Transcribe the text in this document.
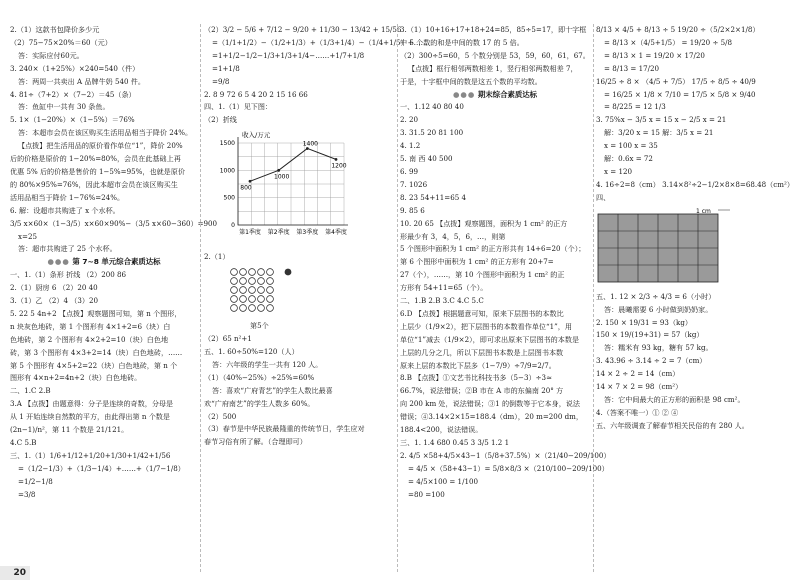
2.（1）这款书包降价多少元
（2）75−75×20%＝60（元）
答：实际应付60元。
3. 240×（1+25%）×240=540（件）
答：两周一共卖出 A 品牌牛奶 540 件。
4. 81÷（7+2）×（7−2）＝45（条）
答：鱼缸中一共有 30 条鱼。
5. 1×（1−20%）×（1−5%）＝76%
答：本超市会员在该区购买生活用品相当于降价 24%。
【点拨】把生活用品的原价看作单位“1”，降价 20%
后的价格是原价的 1−20%=80%，会员在此基础上再
优惠 5% 后的价格是售价的 1−5%=95%，也就是原价
的 80%×95%=76%，因此本超市会员在该区购买生
活用品相当于降价 1−76%=24%。
6. 解：设超市共购进了 x 个水杯。
3/5 x×60×（1−3/5）x×60×90%−（3/5 x×60−360）=900
x=25
答：超市共购进了 25 个水杯。
●●● 第 7~8 单元综合素质达标
一、1.（1）条形 折线 （2）200 86
2.（1）厨房 6 （2）20 40
3.（1）乙 （2）4 （3）20
5. 22 5 4n+2 【点拨】观察题图可知，第 n 个图形，
n 块灰色地砖，第 1 个图形有 4×1+2=6（块）白
色地砖，第 2 个图形有 4×2+2=10（块）白色地
砖，第 3 个图形有 4×3+2=14（块）白色地砖，……
第 5 个图形有 4×5+2=22（块）白色地砖，第 n 个
图形有 4×n+2=4n+2（块）白色地砖。
二、1.C 2.B
3.A 【点拨】由题意得：分子是连续的奇数，分母是
从 1 开始连续自然数的平方，由此得出第 n 个数是
(2n−1)/n²，第 11 个数是 21/121。
4.C 5.B
三、1.（1）1/6+1/12+1/20+1/30+1/42+1/56
=（1/2−1/3）+（1/3−1/4）+……+（1/7−1/8）
=1/2−1/8
=3/8
（2）3/2 − 5/6 + 7/12 − 9/20 + 11/30 − 13/42 + 15/56
=（1/1+1/2）−（1/2+1/3）+（1/3+1/4）−（1/4+1/5）+……
=1+1/2−1/2−1/3+1/3+1/4−……+1/7+1/8
=1+1/8
=9/8
2. 8 9 72 6 5 4 20 2 15 16 66
四、1.（1）见下图：
（2）折线
收入/万元
1500
1000
500
0
第1季度 第2季度 第3季度 第4季度
800
1000
1400
1200
2.（1）
第5个
（2）65 n²+1
五、1. 60÷50%=120（人）
答：六年级的学生一共有 120 人。
（1）（40%−25%）÷25%=60%
答：喜欢“广府青艺”的学生人数比最喜
欢“广府南艺”的学生人数多 60%。
（2）500
（3）春节是中华民族最隆重的传统节日，学生应对
春节习俗有所了解。（合理即可）
3.（1）10+16+17+18+24=85，85÷5=17，即十字框
中 5 个数的和是中间的数 17 的 5 倍。
（2）300÷5=60，5 个数分别是 53，59，60，61，67。
【点拨】框行相邻两数相差 1，竖行相邻两数相差 7，
于是，十字框中间的数是这五个数的平均数。
●●● 期末综合素质达标
一、1.12 40 80 40
2. 20
3. 31.5 20 81 100
4. 1.2
5. 南 西 40 500
6. 99
7. 1026
8. 23 54+11=65 4
9. 85 6
10. 20 65 【点拨】观察题图，面积为 1 cm² 的正方
形最少有 3，4，5，6，…，则第
5 个图形中面积为 1 cm² 的正方形共有 14+6=20（个）；
第 6 个图形中面积为 1 cm² 的正方形有 20+7=
27（个），……，第 10 个图形中面积为 1 cm² 的正
方形有 54+11=65（个）。
二、1.B 2.B 3.C 4.C 5.C
6.D 【点拨】根据题意可知，原来下层图书的本数比
上层少（1/9×2），把下层图书的本数看作单位“1”，用
单位“1”减去（1/9×2），即可求出原来下层图书的本数是
上层的几分之几，所以下层图书本数是上层图书本数
原来上层的本数比下层多（1−7/9）÷7/9=2/7。
8.B 【点拨】①文艺书比科技书多（5−3）÷3≈
66.7%，说法错误；②B 市在 A 市的东偏南 20° 方
向 200 km 处，说法错误；③1 的倒数等于它本身，说法
错误；④3.14×2×15=188.4（dm），20 m=200 dm，
188.4<200，说法错误。
三、1. 1.4 680 0.45 3 3/5 1.2 1
2. 4/5 ×58+4/5×43−1（5/8+37.5%）×（21/40−209/100）
= 4/5 ×（58+43−1）= 5/8×8/3 ×（210/100−209/100）
= 4/5×100 = 1/100
=80 =100
8/13 × 4/5 + 8/13 ÷ 5 19/20 ÷（5/2×2×1/8）
= 8/13 ×（4/5+1/5） = 19/20 ÷ 5/8
= 8/13 × 1 = 19/20 × 17/20
= 8/13 = 17/20
16/25 ÷ 8 × （4/5 + 7/5） 17/5 ÷ 8/5 ÷ 40/9
= 16/25 × 1/8 × 7/10 = 17/5 × 5/8 × 9/40
= 8/225 = 12 1/3
3. 75%x − 3/5 x = 15 x − 2/5 x = 21
解：3/20 x = 15 解：3/5 x = 21
x = 100 x = 35
解：0.6x = 72
x = 120
4. 16÷2=8（cm） 3.14×8²÷2−1/2×8×8=68.48（cm²）
四、
1 cm
五、1. 12 × 2/3 ÷ 4/3 = 6（小时）
答：晨曦需要 6 小时做到奶奶家。
2. 150 × 19/31 = 93（kg）
150 × 19/(19+31) = 57（kg）
答：糯米有 93 kg，糖有 57 kg。
3. 43.96 ÷ 3.14 ÷ 2 = 7（cm）
14 × 2 ÷ 2 = 14（cm）
14 × 7 × 2 = 98（cm²）
答：它中间最大的正方形的面积是 98 cm²。
4.（答案不唯一）① ② ④
五、六年级调查了解春节相关民俗的有 280 人。
20
